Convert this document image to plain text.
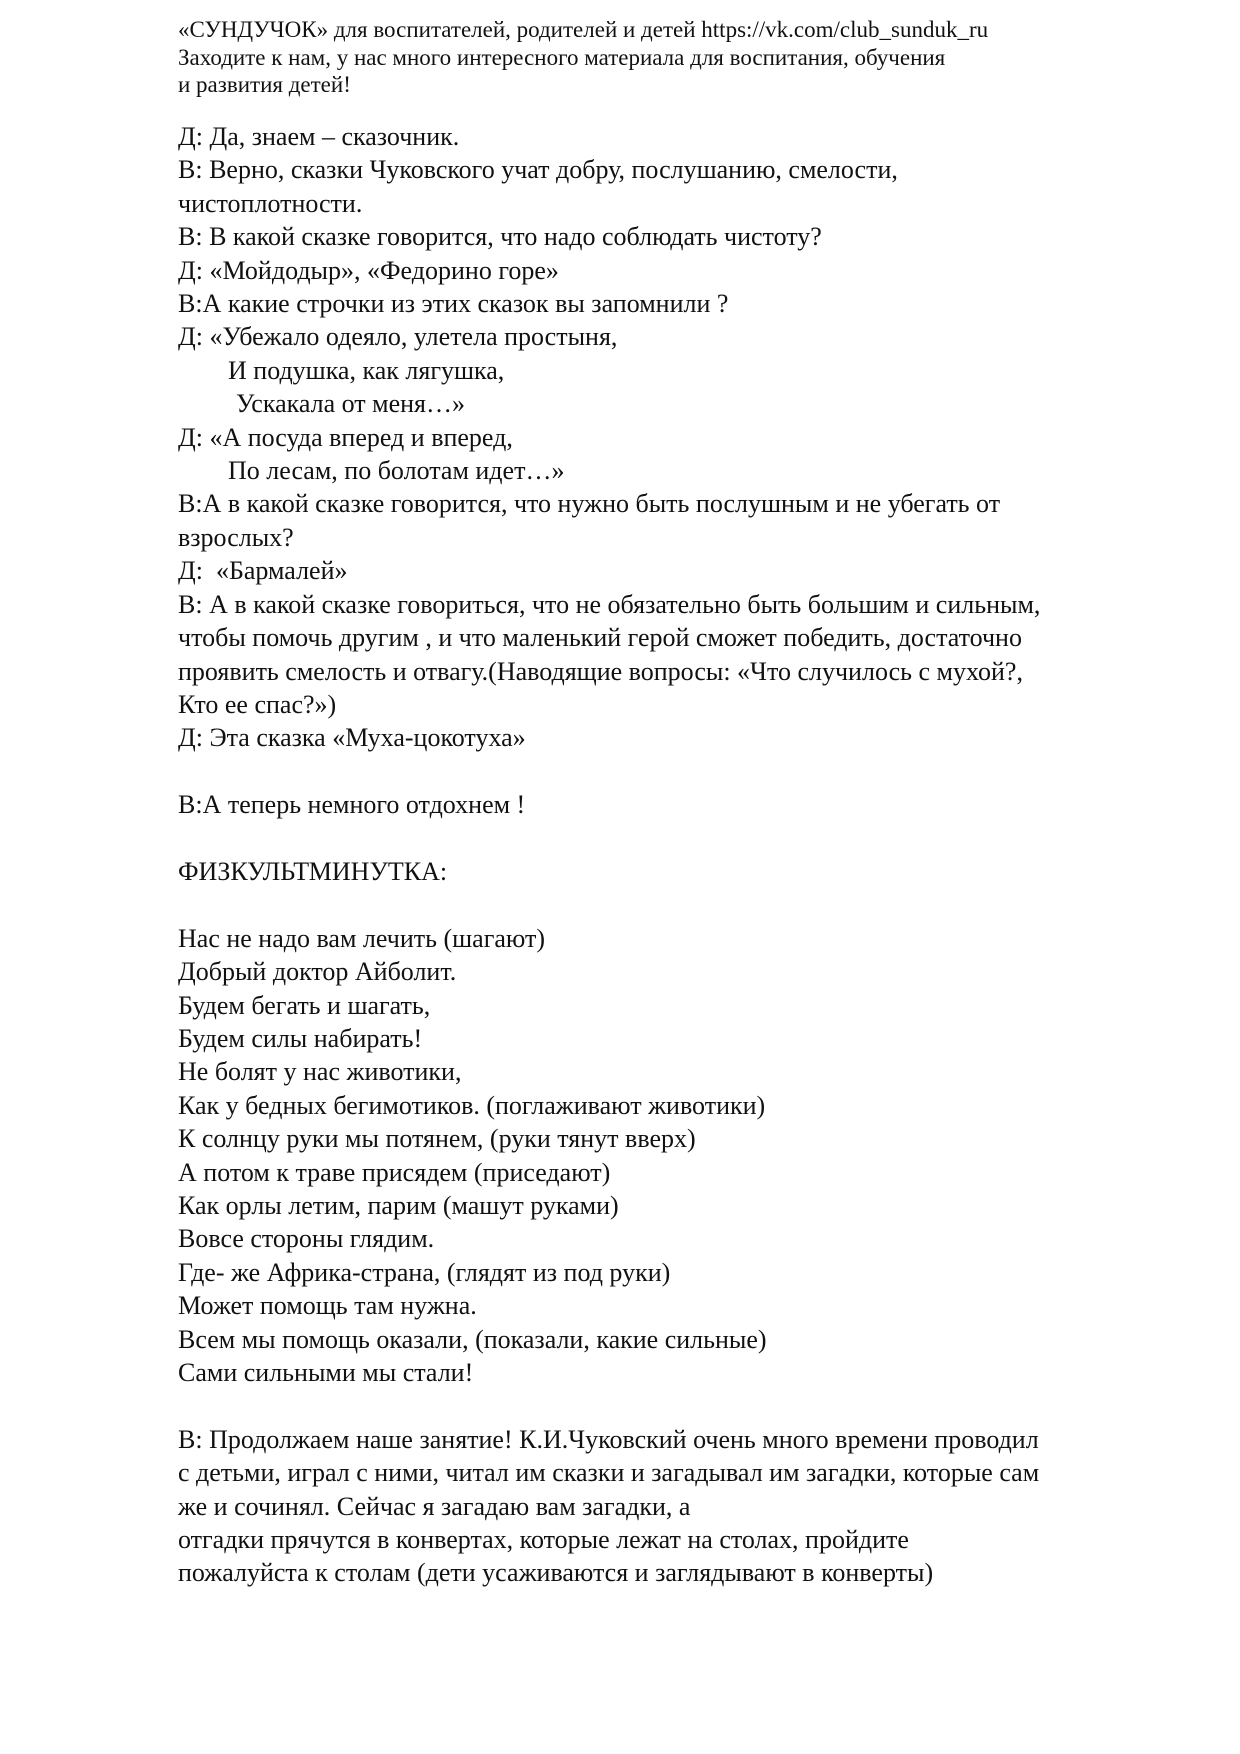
«СУНДУЧОК» для воспитателей, родителей и детей https://vk.com/club_sunduk_ru
Заходите к нам, у нас много интересного материала для воспитания, обучения
и развития детей!
Д: Да, знаем – сказочник.
В: Верно, сказки Чуковского учат добру, послушанию, смелости,
чистоплотности.
В: В какой сказке говорится, что надо соблюдать чистоту?
Д: «Мойдодыр», «Федорино горе»
В:А какие строчки из этих сказок вы запомнили ?
Д: «Убежало одеяло, улетела простыня,
И подушка, как лягушка,
Ускакала от меня…»
Д: «А посуда вперед и вперед,
По лесам, по болотам идет…»
В:А в какой сказке говорится, что нужно быть послушным и не убегать от
взрослых?
Д:  «Бармалей»
В: А в какой сказке говориться, что не обязательно быть большим и сильным,
чтобы помочь другим , и что маленький герой сможет победить, достаточно
проявить смелость и отвагу.(Наводящие вопросы: «Что случилось с мухой?,
Кто ее спас?»)
Д: Эта сказка «Муха-цокотуха»
В:А теперь немного отдохнем !
ФИЗКУЛЬТМИНУТКА:
Нас не надо вам лечить (шагают)
Добрый доктор Айболит.
Будем бегать и шагать,
Будем силы набирать!
Не болят у нас животики,
Как у бедных бегимотиков. (поглаживают животики)
К солнцу руки мы потянем, (руки тянут вверх)
А потом к траве присядем (приседают)
Как орлы летим, парим (машут руками)
Вовсе стороны глядим.
Где- же Африка-страна, (глядят из под руки)
Может помощь там нужна.
Всем мы помощь оказали, (показали, какие сильные)
Сами сильными мы стали!
В: Продолжаем наше занятие! К.И.Чуковский очень много времени проводил
с детьми, играл с ними, читал им сказки и загадывал им загадки, которые сам
же и сочинял. Сейчас я загадаю вам загадки, а
отгадки прячутся в конвертах, которые лежат на столах, пройдите
пожалуйста к столам (дети усаживаются и заглядывают в конверты)
